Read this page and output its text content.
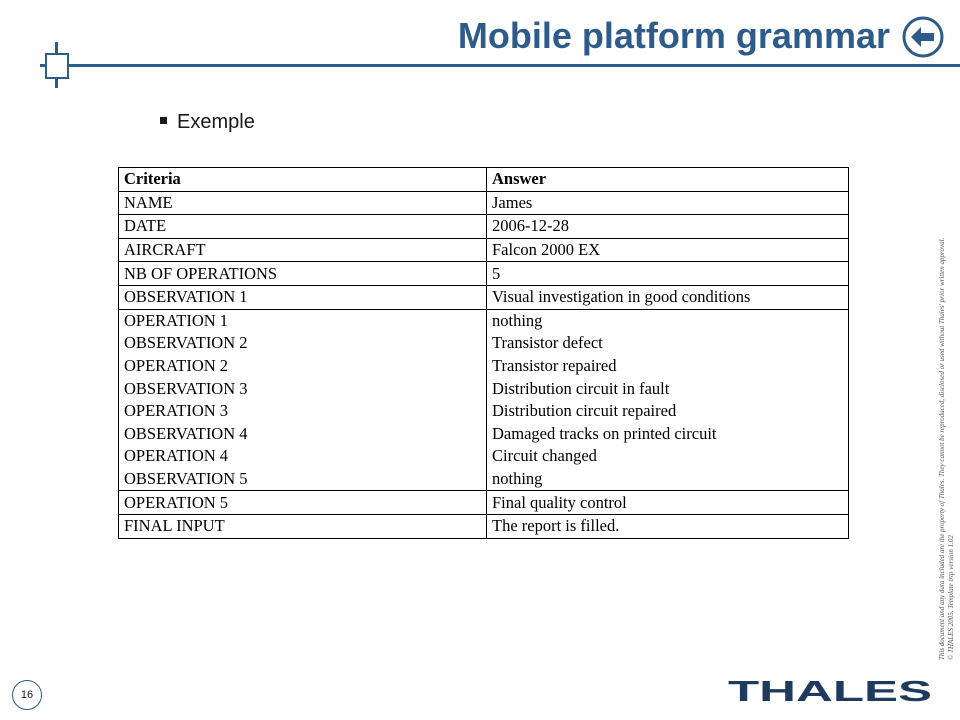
Mobile platform grammar
Exemple
Criteria	Answer
NAME	James
DATE	2006-12-28
AIRCRAFT	Falcon 2000 EX
NB OF OPERATIONS	5
OBSERVATION 1	Visual investigation in good conditions
OPERATION 1	nothing
OBSERVATION 2	Transistor defect
OPERATION 2	Transistor repaired
OBSERVATION 3	Distribution circuit in fault
OPERATION 3	Distribution circuit repaired
OBSERVATION 4	Damaged tracks on printed circuit
OPERATION 4	Circuit changed
OBSERVATION 5	nothing
OPERATION 5	Final quality control
FINAL INPUT	The report is filled.	This document and any data included are the property of Thales. They cannot be reproduced, disclosed or used without Thales' prior written approval. © THALES 2005. Template trtp version 1.02
16	THALES
